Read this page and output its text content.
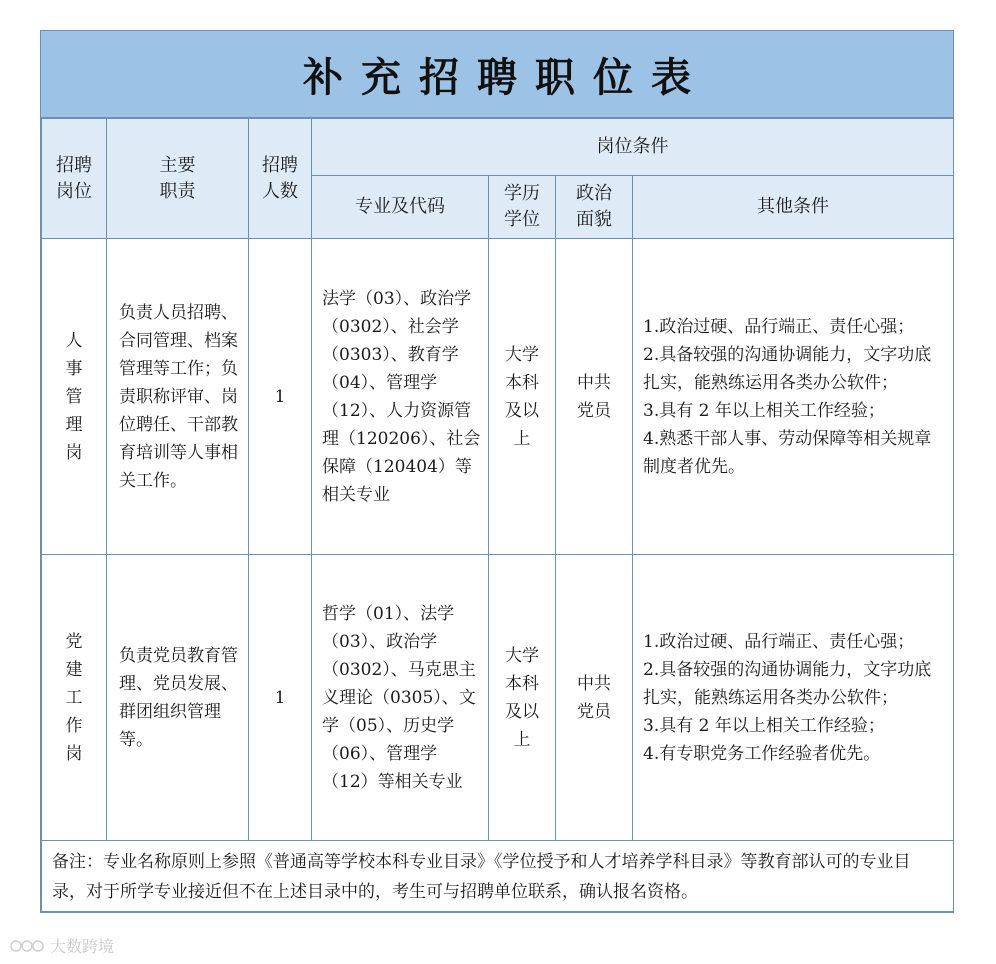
补充招聘职位表
招聘岗位	主要职责	招聘人数	岗位条件			
			专业及代码	学历学位	政治面貌	其他条件

人事管理岗	负责人员招聘、合同管理、档案管理等工作；负责职称评审、岗位聘任、干部教育培训等人事相关工作。	1	法学（03）、政治学（0302）、社会学（0303）、教育学（04）、管理学（12）、人力资源管理（120206）、社会保障（120404）等相关专业	大学本科及以上	中共党员	1.政治过硬、品行端正、责任心强；
2.具备较强的沟通协调能力，文字功底扎实，能熟练运用各类办公软件；
3.具有 2 年以上相关工作经验；
4.熟悉干部人事、劳动保障等相关规章制度者优先。

党建工作岗	负责党员教育管理、党员发展、群团组织管理等。	1	哲学（01）、法学（03）、政治学（0302）、马克思主义理论（0305）、文学（05）、历史学（06）、管理学（12）等相关专业	大学本科及以上	中共党员	1.政治过硬、品行端正、责任心强；
2.具备较强的沟通协调能力，文字功底扎实，能熟练运用各类办公软件；
3.具有 2 年以上相关工作经验；
4.有专职党务工作经验者优先。

备注：专业名称原则上参照《普通高等学校本科专业目录》《学位授予和人才培养学科目录》等教育部认可的专业目录，对于所学专业接近但不在上述目录中的，考生可与招聘单位联系，确认报名资格。						
大数跨境
